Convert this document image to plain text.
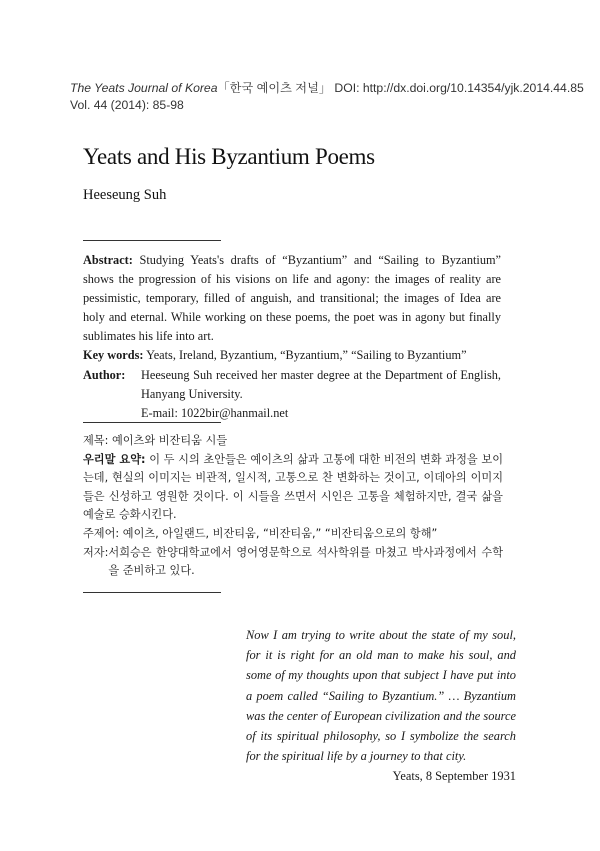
The Yeats Journal of Korea「한국 예이츠 저널」 DOI: http://dx.doi.org/10.14354/yjk.2014.44.85
Vol. 44 (2014): 85-98
Yeats and His Byzantium Poems
Heeseung Suh

Abstract: Studying Yeats's drafts of “Byzantium” and “Sailing to Byzantium” shows the progression of his visions on life and agony: the images of reality are pessimistic, temporary, filled of anguish, and transitional; the images of Idea are holy and eternal. While working on these poems, the poet was in agony but finally sublimates his life into art.

Key words: Yeats, Ireland, Byzantium, “Byzantium,” “Sailing to Byzantium”

Author:	Heeseung Suh received her master degree at the Department of English, Hanyang University.
E-mail: 1022bir@hanmail.net

제목: 예이츠와 비잔티움 시들

우리말 요약: 이 두 시의 초안들은 예이츠의 삶과 고통에 대한 비전의 변화 과정을 보이는데, 현실의 이미지는 비관적, 일시적, 고통으로 찬 변화하는 것이고, 이데아의 이미지들은 신성하고 영원한 것이다. 이 시들을 쓰면서 시인은 고통을 체험하지만, 결국 삶을 예술로 승화시킨다.

주제어: 예이츠, 아일랜드, 비잔티움, “비잔티움,” “비잔티움으로의 항해”

저자: 서희승은 한양대학교에서 영어영문학으로 석사학위를 마쳤고 박사과정에서 수학을 준비하고 있다.

Now I am trying to write about the state of my soul, for it is right for an old man to make his soul, and some of my thoughts upon that subject I have put into a poem called “Sailing to Byzantium.” … Byzantium was the center of European civilization and the source of its spiritual philosophy, so I symbolize the search for the spiritual life by a journey to that city.

Yeats, 8 September 1931
